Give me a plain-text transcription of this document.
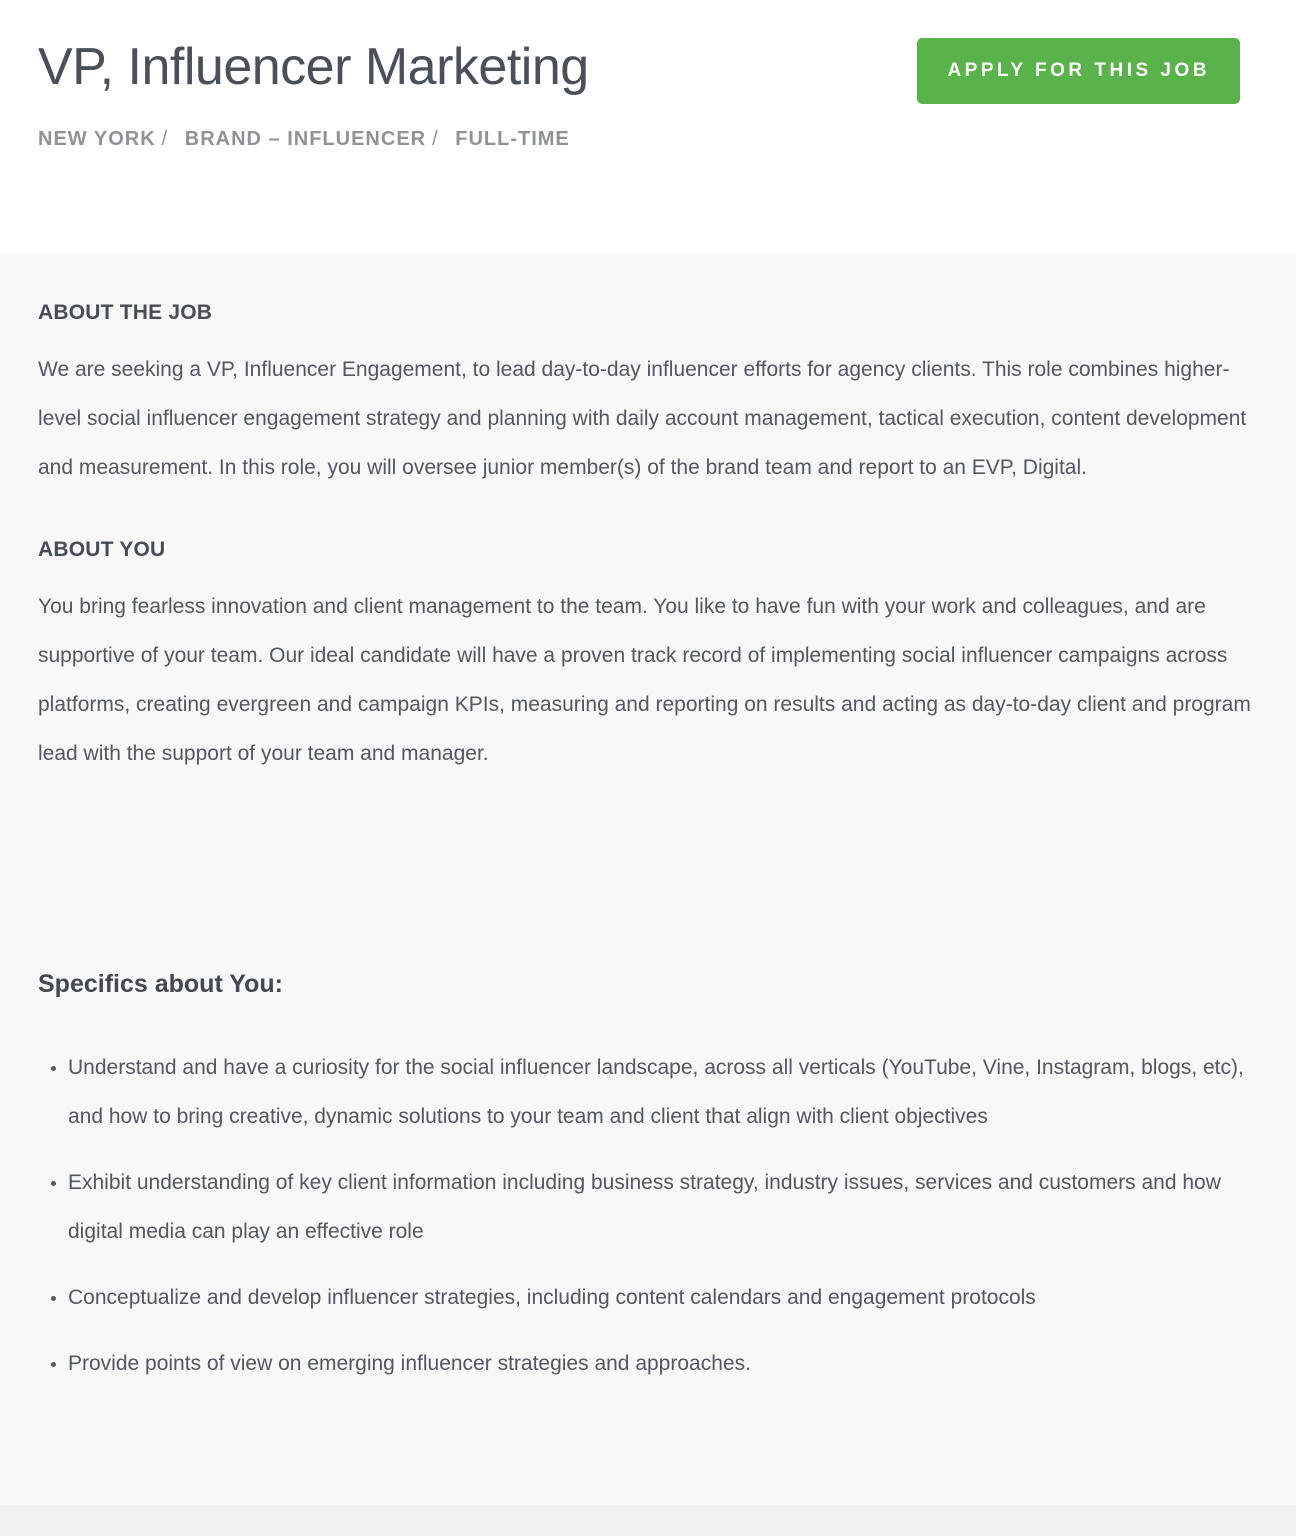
VP, Influencer Marketing
NEW YORK / BRAND – INFLUENCER / FULL-TIME
APPLY FOR THIS JOB
ABOUT THE JOB

We are seeking a VP, Influencer Engagement, to lead day-to-day influencer efforts for agency clients. This role combines higher-level social influencer engagement strategy and planning with daily account management, tactical execution, content development and measurement. In this role, you will oversee junior member(s) of the brand team and report to an EVP, Digital.

ABOUT YOU

You bring fearless innovation and client management to the team. You like to have fun with your work and colleagues, and are supportive of your team. Our ideal candidate will have a proven track record of implementing social influencer campaigns across platforms, creating evergreen and campaign KPIs, measuring and reporting on results and acting as day-to-day client and program lead with the support of your team and manager.

Specifics about You:
• Understand and have a curiosity for the social influencer landscape, across all verticals (YouTube, Vine, Instagram, blogs, etc), and how to bring creative, dynamic solutions to your team and client that align with client objectives
• Exhibit understanding of key client information including business strategy, industry issues, services and customers and how digital media can play an effective role
• Conceptualize and develop influencer strategies, including content calendars and engagement protocols
• Provide points of view on emerging influencer strategies and approaches.
